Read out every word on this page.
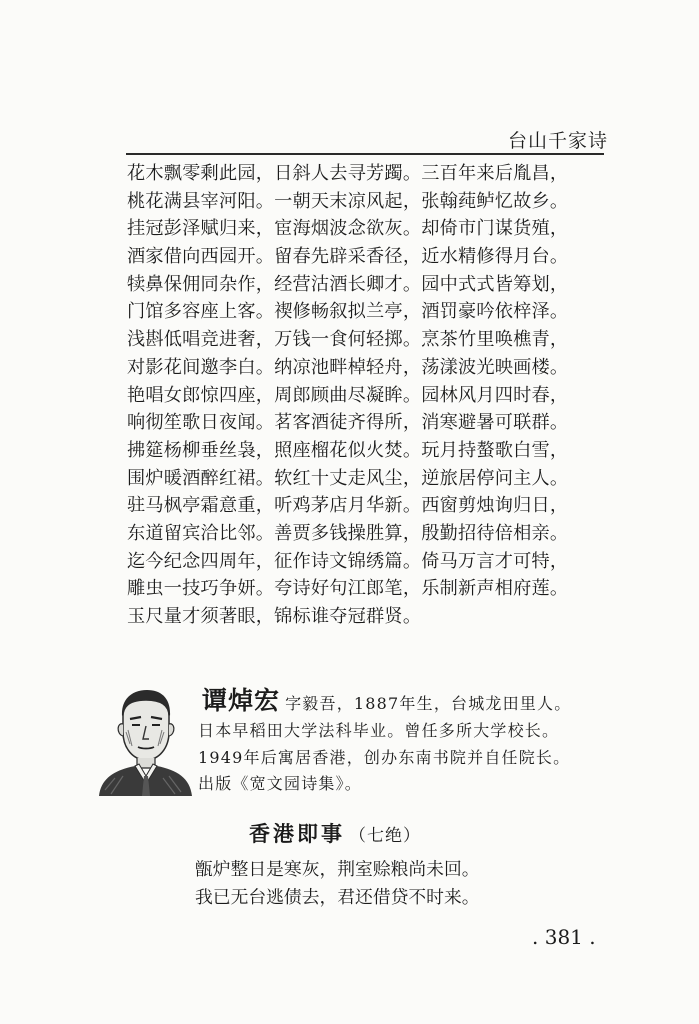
台山千家诗
花木飘零剩此园，日斜人去寻芳躅。三百年来后胤昌，
桃花满县宰河阳。一朝天末凉风起，张翰莼鲈忆故乡。
挂冠彭泽赋归来，宦海烟波念欲灰。却倚市门谋货殖，
酒家借向西园开。留春先辟采香径，近水精修得月台。
犊鼻保佣同杂作，经营沽酒长卿才。园中式式皆筹划，
门馆多容座上客。禊修畅叙拟兰亭，酒罚豪吟依梓泽。
浅斟低唱竞进奢，万钱一食何轻掷。烹茶竹里唤樵青，
对影花间邀李白。纳凉池畔棹轻舟，荡漾波光映画楼。
艳唱女郎惊四座，周郎顾曲尽凝眸。园林风月四时春，
响彻笙歌日夜闻。茗客酒徒齐得所，消寒避暑可联群。
拂筵杨柳垂丝袅，照座榴花似火焚。玩月持螯歌白雪，
围炉暖酒醉红裙。软红十丈走风尘，逆旅居停问主人。
驻马枫亭霜意重，听鸡茅店月华新。西窗剪烛询归日，
东道留宾洽比邻。善贾多钱操胜算，殷勤招待倍相亲。
迄今纪念四周年，征作诗文锦绣篇。倚马万言才可特，
雕虫一技巧争妍。夸诗好句江郎笔，乐制新声相府莲。
玉尺量才须著眼，锦标谁夺冠群贤。
谭焯宏 字毅吾，1887年生，台城龙田里人。
日本早稻田大学法科毕业。曾任多所大学校长。
1949年后寓居香港，创办东南书院并自任院长。
出版《宽文园诗集》。
香港即事 （七绝）
甑炉整日是寒灰，荆室赊粮尚未回。
我已无台逃债去，君还借贷不时来。
. 381 .
